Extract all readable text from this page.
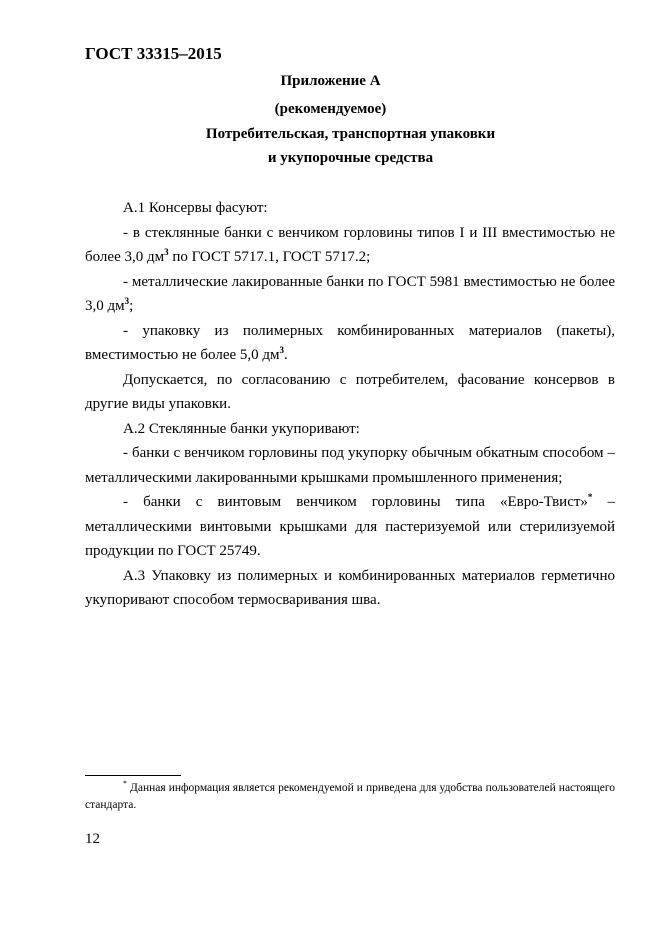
ГОСТ 33315–2015
Приложение А
(рекомендуемое)
Потребительская, транспортная упаковки
и укупорочные средства

А.1 Консервы фасуют:

- в стеклянные банки с венчиком горловины типов I и III вместимостью не более 3,0 $дм^3$ по ГОСТ 5717.1, ГОСТ 5717.2;

- металлические лакированные банки по ГОСТ 5981 вместимостью не более 3,0 $дм^3$;

- упаковку из полимерных комбинированных материалов (пакеты), вместимостью не более 5,0 $дм^3$.

Допускается, по согласованию с потребителем, фасование консервов в другие виды упаковки.

А.2 Стеклянные банки укупоривают:

- банки с венчиком горловины под укупорку обычным обкатным способом – металлическими лакированными крышками промышленного применения;

- банки с винтовым венчиком горловины типа «Евро-Твист»* – металлическими винтовыми крышками для пастеризуемой или стерилизуемой продукции по ГОСТ 25749.

А.3 Упаковку из полимерных и комбинированных материалов герметично укупоривают способом термосваривания шва.

* Данная информация является рекомендуемой и приведена для удобства пользователей настоящего стандарта.
12
